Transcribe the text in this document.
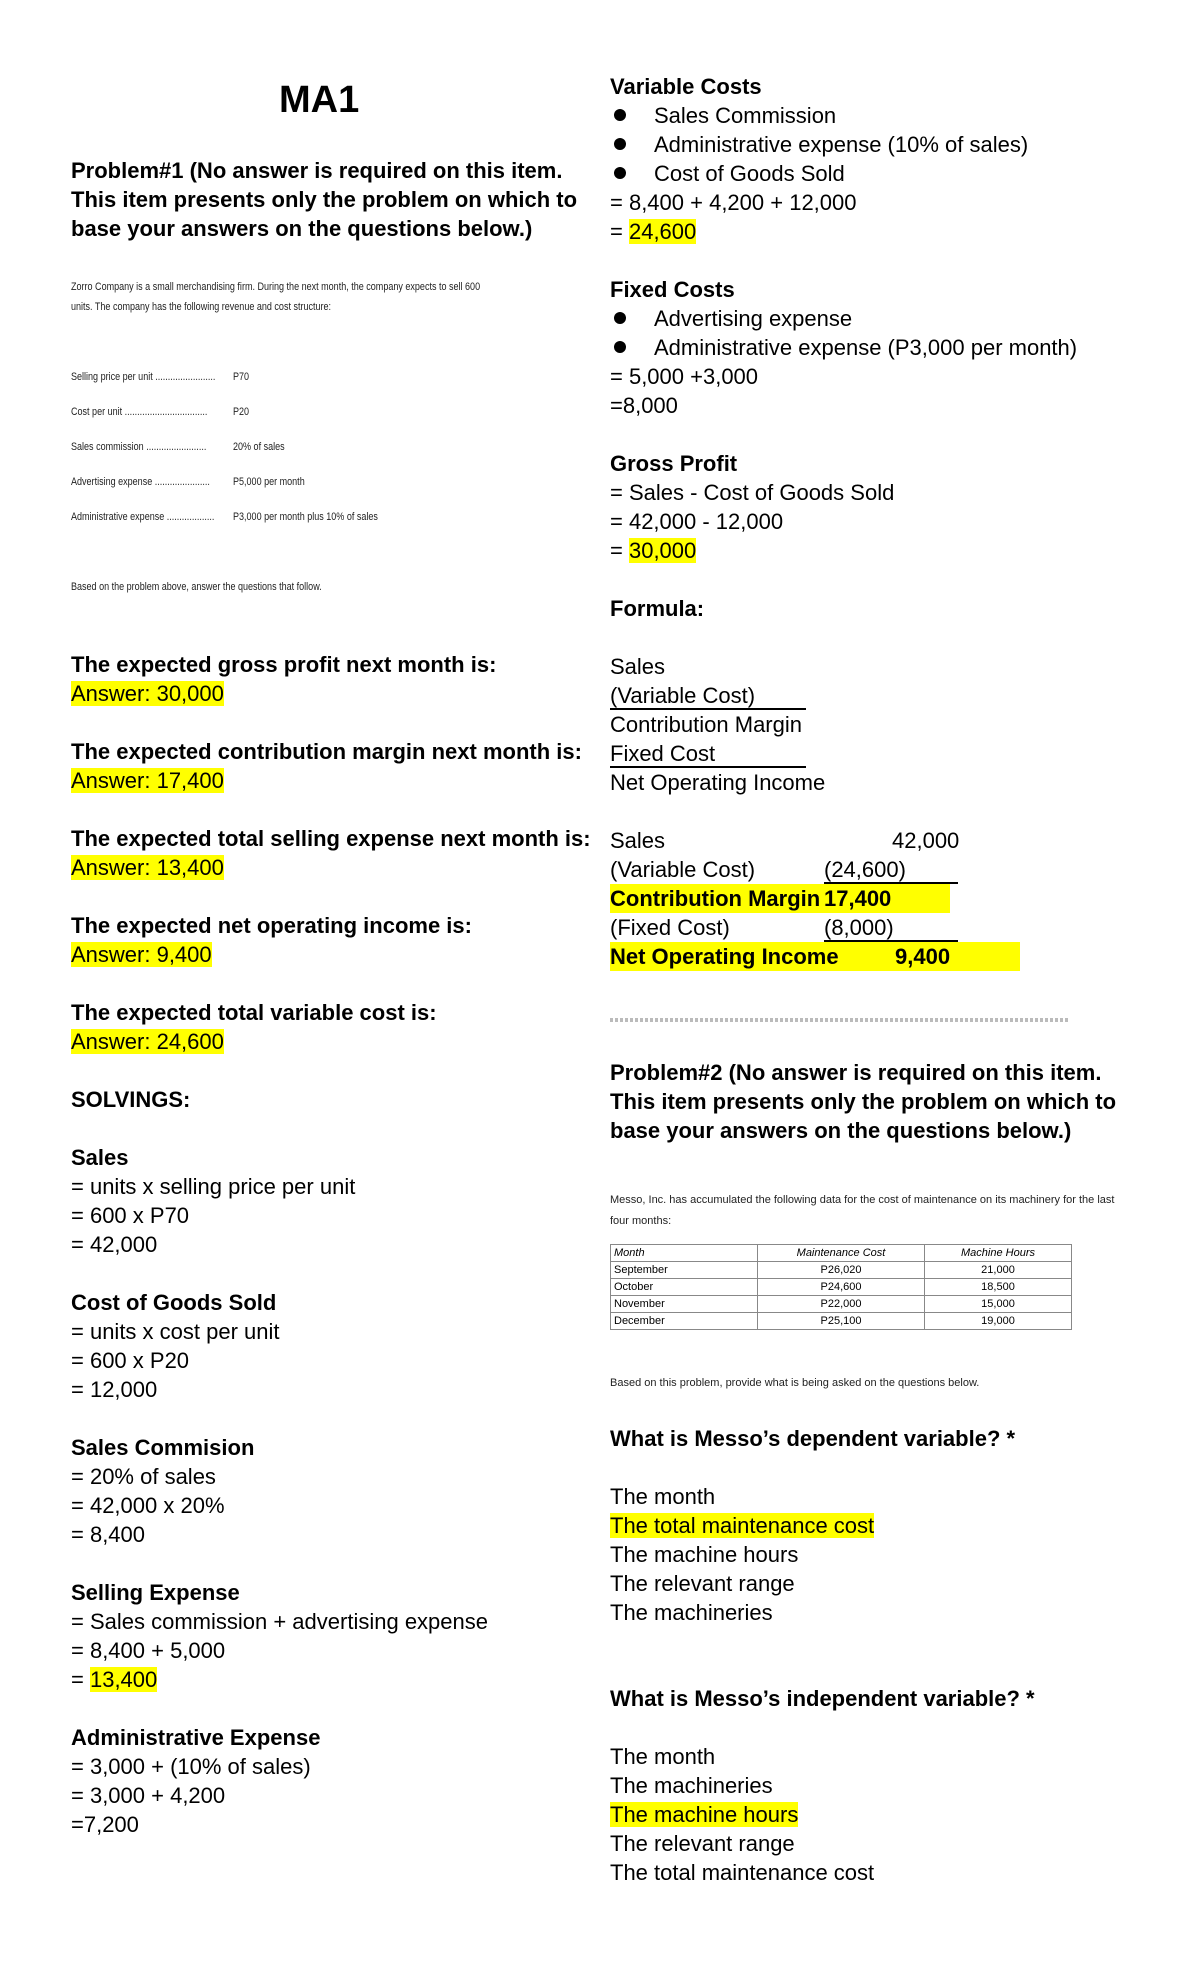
MA1
Problem#1 (No answer is required on this item.
This item presents only the problem on which to
base your answers on the questions below.)
Zorro Company is a small merchandising firm. During the next month, the company expects to sell 600
units. The company has the following revenue and cost structure:
Selling price per unit ........................ P70
Cost per unit ................................. P20
Sales commission ........................ 20% of sales
Advertising expense ...................... P5,000 per month
Administrative expense ................... P3,000 per month plus 10% of sales
Based on the problem above, answer the questions that follow.
The expected gross profit next month is:
Answer: 30,000
The expected contribution margin next month is:
Answer: 17,400
The expected total selling expense next month is:
Answer: 13,400
The expected net operating income is:
Answer: 9,400
The expected total variable cost is:
Answer: 24,600
SOLVINGS:
Sales
= units x selling price per unit
= 600 x P70
= 42,000
Cost of Goods Sold
= units x cost per unit
= 600 x P20
= 12,000
Sales Commision
= 20% of sales
= 42,000 x 20%
= 8,400
Selling Expense
= Sales commission + advertising expense
= 8,400 + 5,000
= 13,400
Administrative Expense
= 3,000 + (10% of sales)
= 3,000 + 4,200
=7,200
Variable Costs
Sales Commission
Administrative expense (10% of sales)
Cost of Goods Sold
= 8,400 + 4,200 + 12,000
= 24,600
Fixed Costs
Advertising expense
Administrative expense (P3,000 per month)
= 5,000 +3,000
=8,000
Gross Profit
= Sales - Cost of Goods Sold
= 42,000 - 12,000
= 30,000
Formula:
Sales
(Variable Cost)
Contribution Margin
Fixed Cost
Net Operating Income
Sales	42,000
(Variable Cost)	(24,600)
Contribution Margin 17,400
(Fixed Cost)	(8,000)
Net Operating Income	9,400
Problem#2 (No answer is required on this item.
This item presents only the problem on which to
base your answers on the questions below.)
Messo, Inc. has accumulated the following data for the cost of maintenance on its machinery for the last
four months:
Month	Maintenance Cost	Machine Hours
September	P26,020	21,000
October	P24,600	18,500
November	P22,000	15,000
December	P25,100	19,000
Based on this problem, provide what is being asked on the questions below.
What is Messo’s dependent variable? *
The month
The total maintenance cost
The machine hours
The relevant range
The machineries
What is Messo’s independent variable? *
The month
The machineries
The machine hours
The relevant range
The total maintenance cost
